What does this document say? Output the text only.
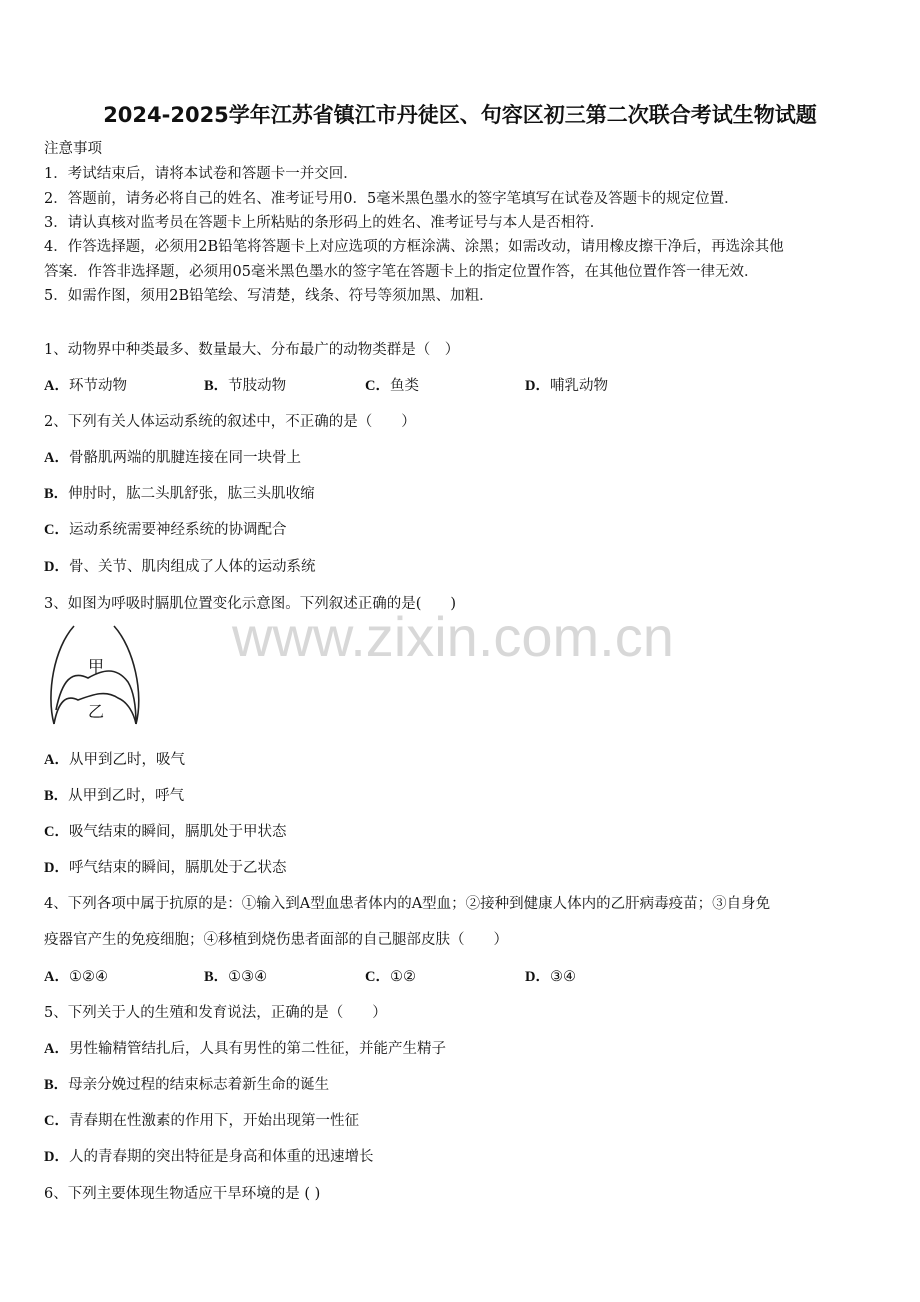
2024-2025学年江苏省镇江市丹徒区、句容区初三第二次联合考试生物试题
注意事项
1．考试结束后，请将本试卷和答题卡一并交回．
2．答题前，请务必将自己的姓名、准考证号用0．5毫米黑色墨水的签字笔填写在试卷及答题卡的规定位置．
3．请认真核对监考员在答题卡上所粘贴的条形码上的姓名、准考证号与本人是否相符．
4．作答选择题，必须用2B铅笔将答题卡上对应选项的方框涂满、涂黑；如需改动，请用橡皮擦干净后，再选涂其他
答案．作答非选择题，必须用05毫米黑色墨水的签字笔在答题卡上的指定位置作答，在其他位置作答一律无效．
5．如需作图，须用2B铅笔绘、写清楚，线条、符号等须加黑、加粗．
www.zixin.com.cn
1、动物界中种类最多、数量最大、分布最广的动物类群是（　）
A．环节动物	B．节肢动物	C．鱼类	D．哺乳动物
2、下列有关人体运动系统的叙述中，不正确的是（　　）
A．骨骼肌两端的肌腱连接在同一块骨上
B．伸肘时，肱二头肌舒张，肱三头肌收缩
C．运动系统需要神经系统的协调配合
D．骨、关节、肌肉组成了人体的运动系统
3、如图为呼吸时膈肌位置变化示意图。下列叙述正确的是(　　)
甲
乙
A．从甲到乙时，吸气
B．从甲到乙时，呼气
C．吸气结束的瞬间，膈肌处于甲状态
D．呼气结束的瞬间，膈肌处于乙状态
4、下列各项中属于抗原的是：①输入到A型血患者体内的A型血；②接种到健康人体内的乙肝病毒疫苗；③自身免
疫器官产生的免疫细胞；④移植到烧伤患者面部的自己腿部皮肤（　　）
A．①②④	B．①③④	C．①②	D．③④
5、下列关于人的生殖和发育说法，正确的是（　　）
A．男性输精管结扎后，人具有男性的第二性征，并能产生精子
B．母亲分娩过程的结束标志着新生命的诞生
C．青春期在性激素的作用下，开始出现第一性征
D．人的青春期的突出特征是身高和体重的迅速增长
6、下列主要体现生物适应干旱环境的是 ( )
